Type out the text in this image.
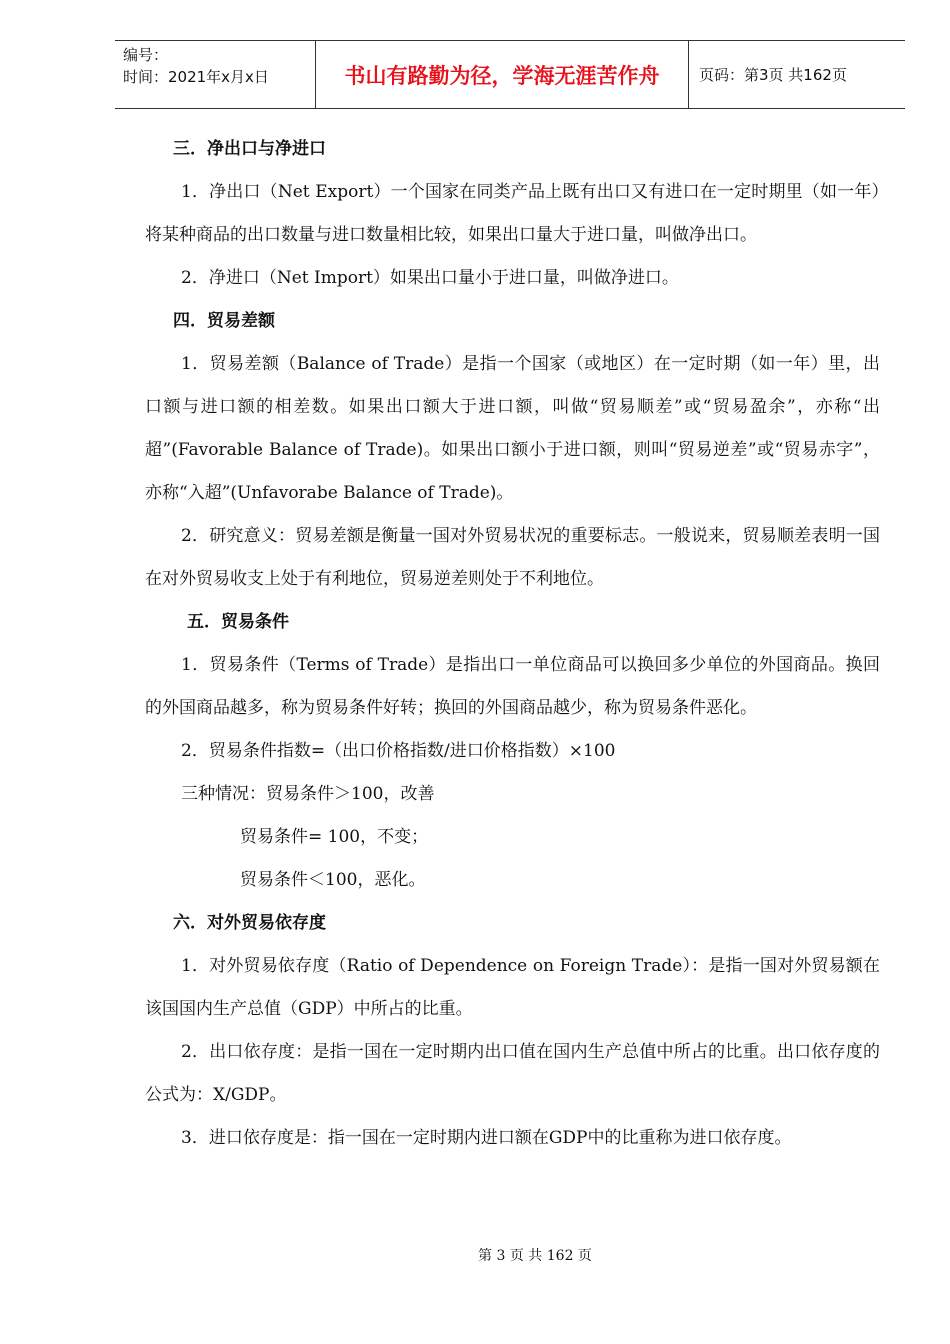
编号：
时间：2021年x月x日	书山有路勤为径，学海无涯苦作舟	页码：第3页 共162页

三．净出口与净进口

1．净出口（Net Export）一个国家在同类产品上既有出口又有进口在一定时期里（如一年）将某种商品的出口数量与进口数量相比较，如果出口量大于进口量，叫做净出口。

2．净进口（Net Import）如果出口量小于进口量，叫做净进口。

四．贸易差额

1．贸易差额（Balance of Trade）是指一个国家（或地区）在一定时期（如一年）里，出口额与进口额的相差数。如果出口额大于进口额，叫做“贸易顺差”或“贸易盈余”，亦称“出超”(Favorable Balance of Trade)。如果出口额小于进口额，则叫“贸易逆差”或“贸易赤字”，亦称“入超”(Unfavorabe Balance of Trade)。

2．研究意义：贸易差额是衡量一国对外贸易状况的重要标志。一般说来，贸易顺差表明一国在对外贸易收支上处于有利地位，贸易逆差则处于不利地位。

五．贸易条件

1．贸易条件（Terms of Trade）是指出口一单位商品可以换回多少单位的外国商品。换回的外国商品越多，称为贸易条件好转；换回的外国商品越少，称为贸易条件恶化。

2．贸易条件指数=（出口价格指数/进口价格指数）×100

三种情况：贸易条件＞100，改善

贸易条件= 100，不变；

贸易条件＜100，恶化。

六．对外贸易依存度

1．对外贸易依存度（Ratio of Dependence on Foreign Trade）：是指一国对外贸易额在该国国内生产总值（GDP）中所占的比重。

2．出口依存度：是指一国在一定时期内出口值在国内生产总值中所占的比重。出口依存度的公式为：X/GDP。

3．进口依存度是：指一国在一定时期内进口额在GDP中的比重称为进口依存度。

第 3 页 共 162 页
